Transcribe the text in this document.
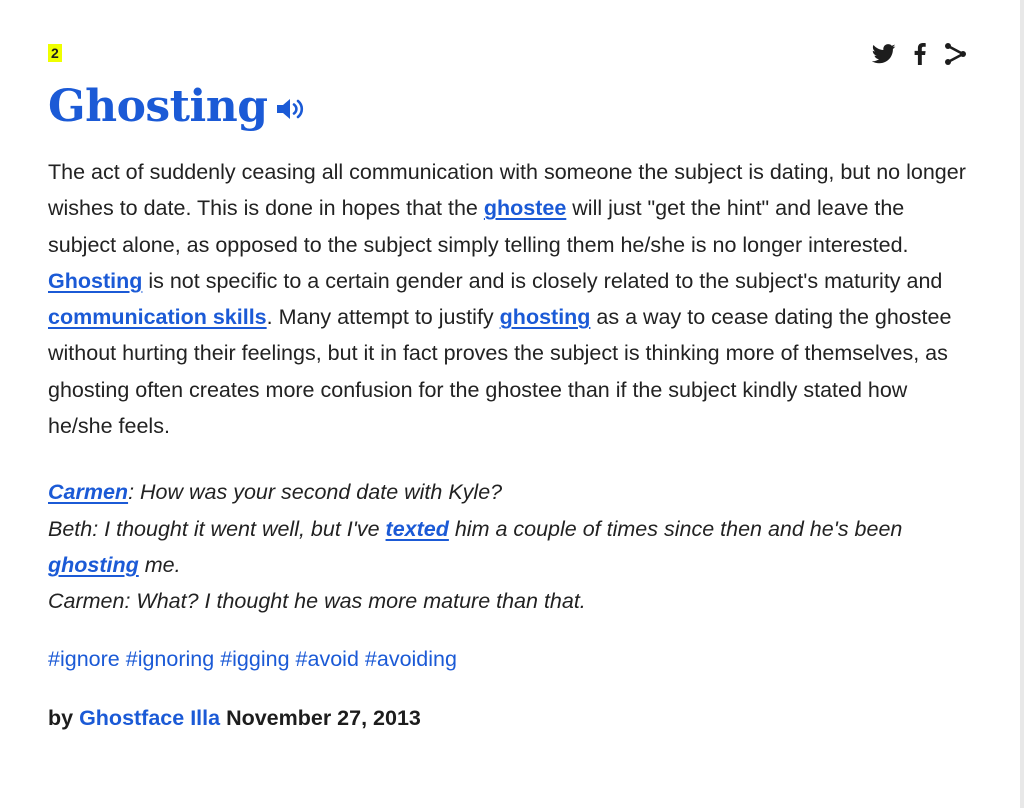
2
Ghosting
The act of suddenly ceasing all communication with someone the subject is dating, but no longer wishes to date. This is done in hopes that the ghostee will just "get the hint" and leave the subject alone, as opposed to the subject simply telling them he/she is no longer interested. Ghosting is not specific to a certain gender and is closely related to the subject's maturity and communication skills. Many attempt to justify ghosting as a way to cease dating the ghostee without hurting their feelings, but it in fact proves the subject is thinking more of themselves, as ghosting often creates more confusion for the ghostee than if the subject kindly stated how he/she feels.
Carmen: How was your second date with Kyle?
Beth: I thought it went well, but I've texted him a couple of times since then and he's been ghosting me.
Carmen: What? I thought he was more mature than that.
#ignore #ignoring #igging #avoid #avoiding
by Ghostface Illa November 27, 2013
